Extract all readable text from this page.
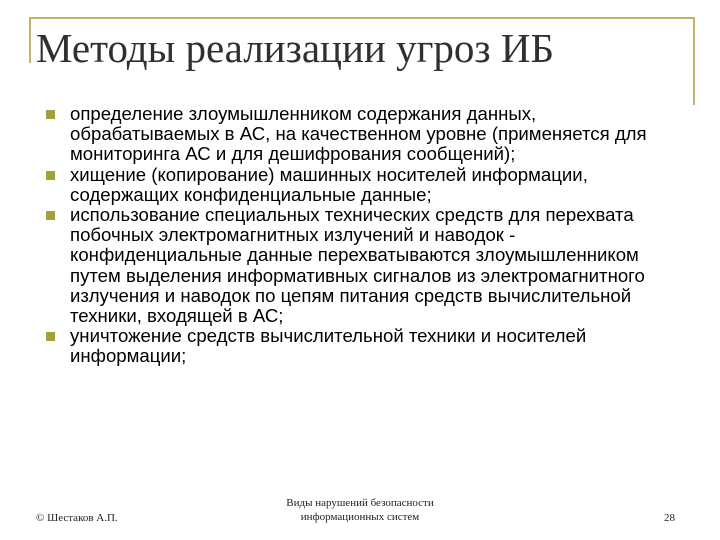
Методы реализации угроз ИБ
определение злоумышленником содержания данных, обрабатываемых в АС, на качественном уровне (применяется для мониторинга АС и для дешифрования сообщений);
хищение (копирование) машинных носителей информации, содержащих конфиденциальные данные;
использование специальных технических средств для перехвата побочных электромагнитных излучений и наводок - конфиденциальные данные перехватываются злоумышленником путем выделения информативных сигналов из электромагнитного излучения и наводок по цепям питания средств вычислительной техники, входящей в АС;
уничтожение средств вычислительной техники и носителей информации;
© Шестаков А.П.
Виды нарушений безопасности информационных систем	28
